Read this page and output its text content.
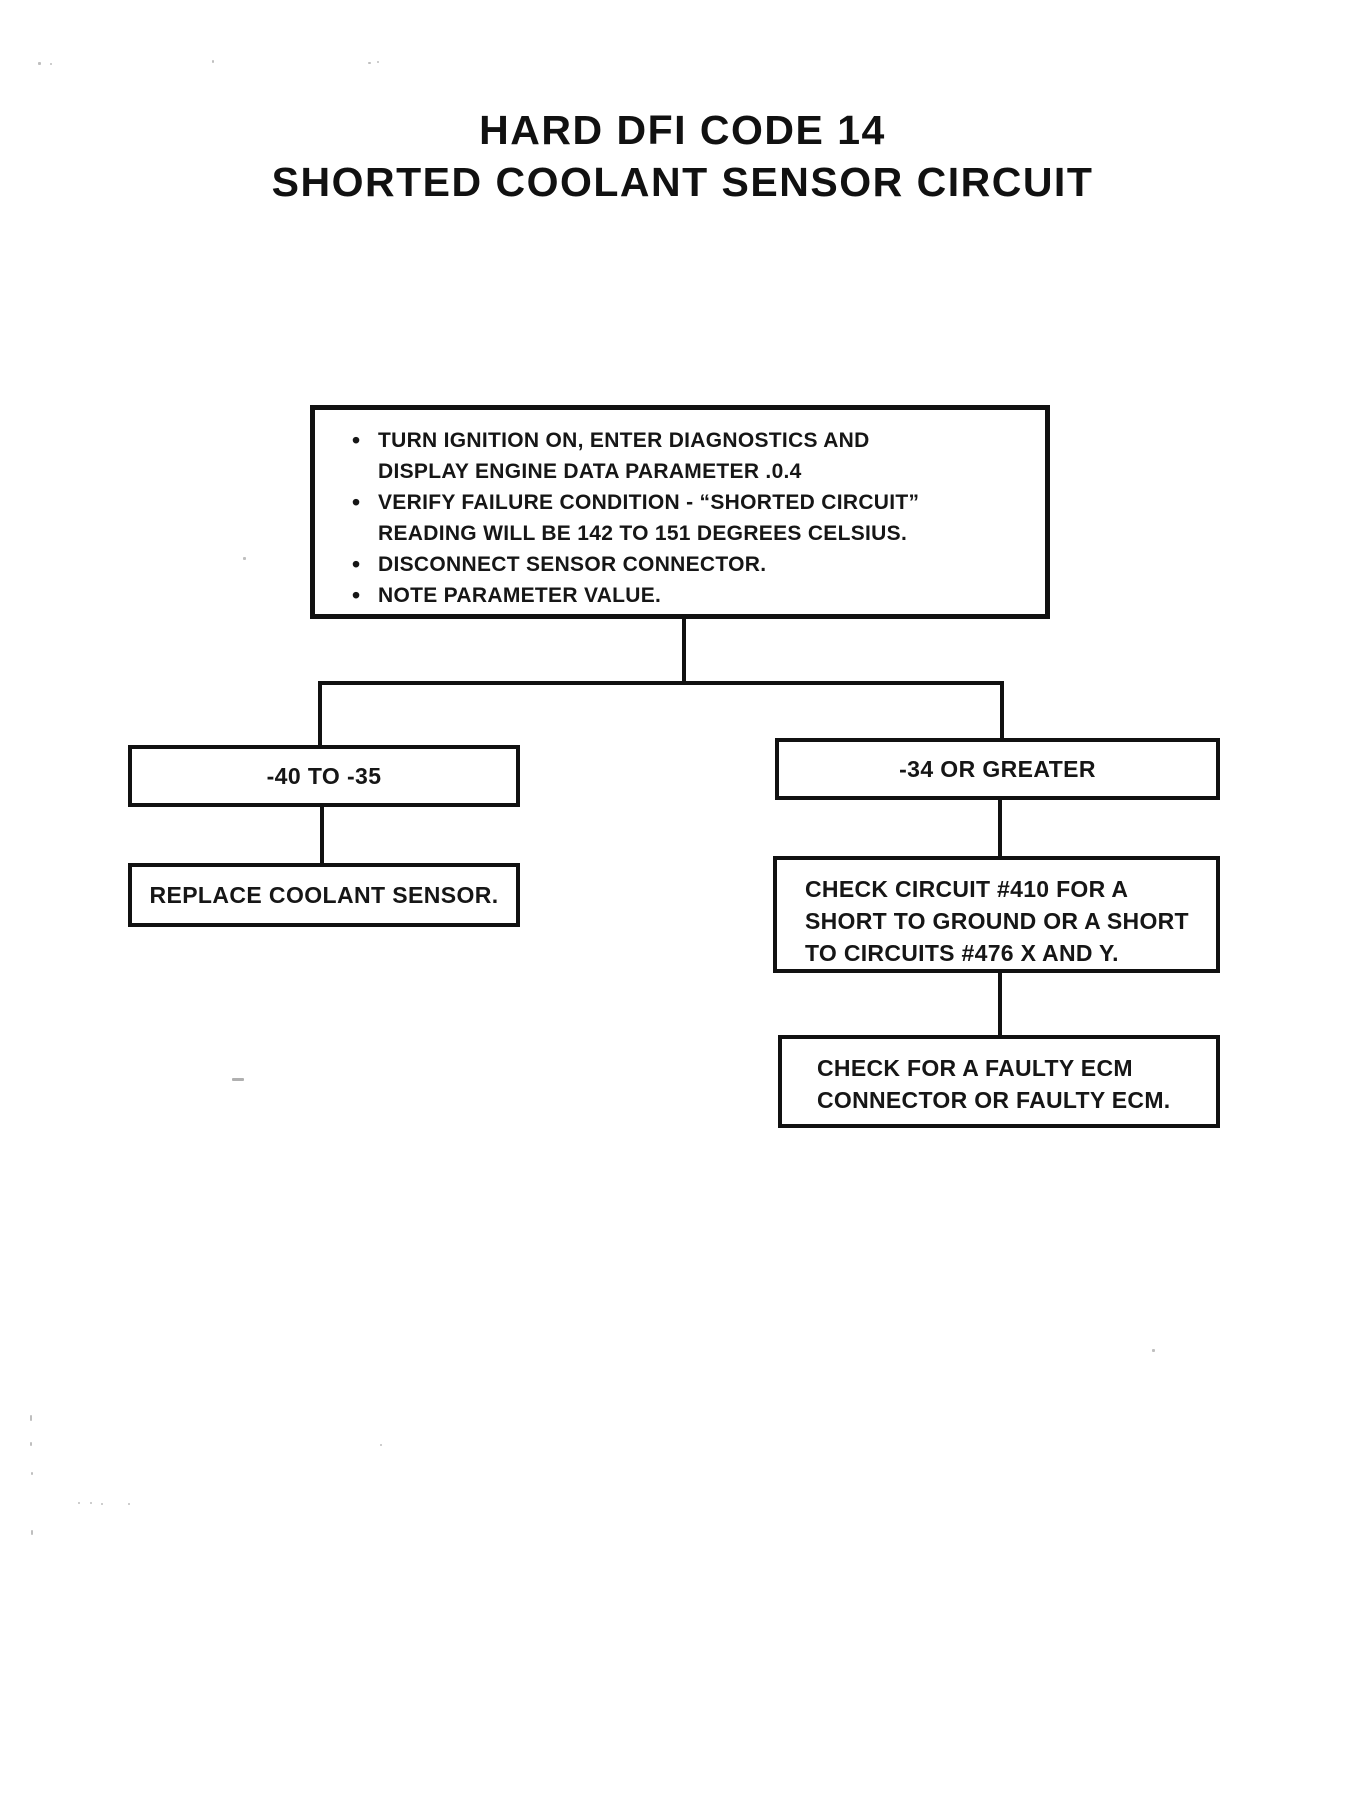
HARD DFI CODE 14
SHORTED COOLANT SENSOR CIRCUIT
• TURN IGNITION ON, ENTER DIAGNOSTICS AND
DISPLAY ENGINE DATA PARAMETER .0.4
• VERIFY FAILURE CONDITION - “SHORTED CIRCUIT”
READING WILL BE 142 TO 151 DEGREES CELSIUS.
• DISCONNECT SENSOR CONNECTOR.
• NOTE PARAMETER VALUE.
-40 TO -35
REPLACE COOLANT SENSOR.
-34 OR GREATER
CHECK CIRCUIT #410 FOR A
SHORT TO GROUND OR A SHORT
TO CIRCUITS #476 X AND Y.
CHECK FOR A FAULTY ECM
CONNECTOR OR FAULTY ECM.
